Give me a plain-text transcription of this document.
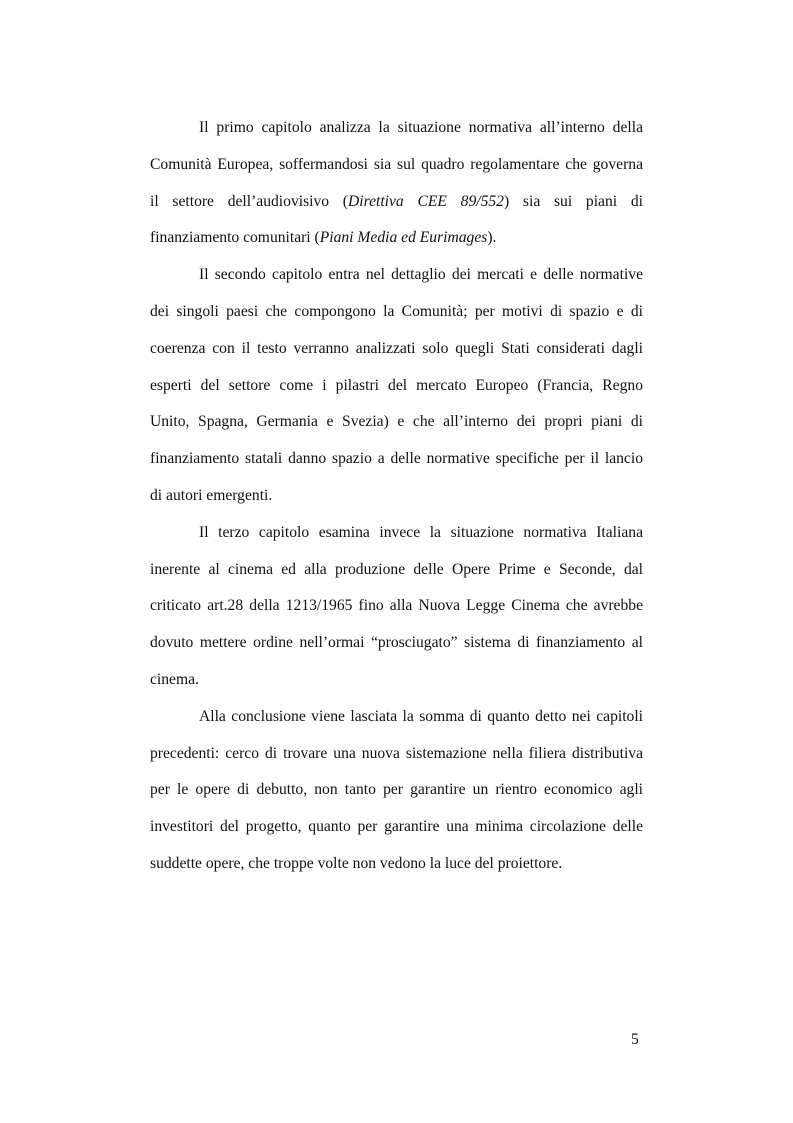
Il primo capitolo analizza la situazione normativa all’interno della
Comunità Europea, soffermandosi sia sul quadro regolamentare che governa
il settore dell’audiovisivo (Direttiva CEE 89/552) sia sui piani di
finanziamento comunitari (Piani Media ed Eurimages).
Il secondo capitolo entra nel dettaglio dei mercati e delle normative
dei singoli paesi che compongono la Comunità; per motivi di spazio e di
coerenza con il testo verranno analizzati solo quegli Stati considerati dagli
esperti del settore come i pilastri del mercato Europeo (Francia, Regno
Unito, Spagna, Germania e Svezia) e che all’interno dei propri piani di
finanziamento statali danno spazio a delle normative specifiche per il lancio
di autori emergenti.
Il terzo capitolo esamina invece la situazione normativa Italiana
inerente al cinema ed alla produzione delle Opere Prime e Seconde, dal
criticato art.28 della 1213/1965 fino alla Nuova Legge Cinema che avrebbe
dovuto mettere ordine nell’ormai “prosciugato” sistema di finanziamento al
cinema.
Alla conclusione viene lasciata la somma di quanto detto nei capitoli
precedenti: cerco di trovare una nuova sistemazione nella filiera distributiva
per le opere di debutto, non tanto per garantire un rientro economico agli
investitori del progetto, quanto per garantire una minima circolazione delle
suddette opere, che troppe volte non vedono la luce del proiettore.
5
